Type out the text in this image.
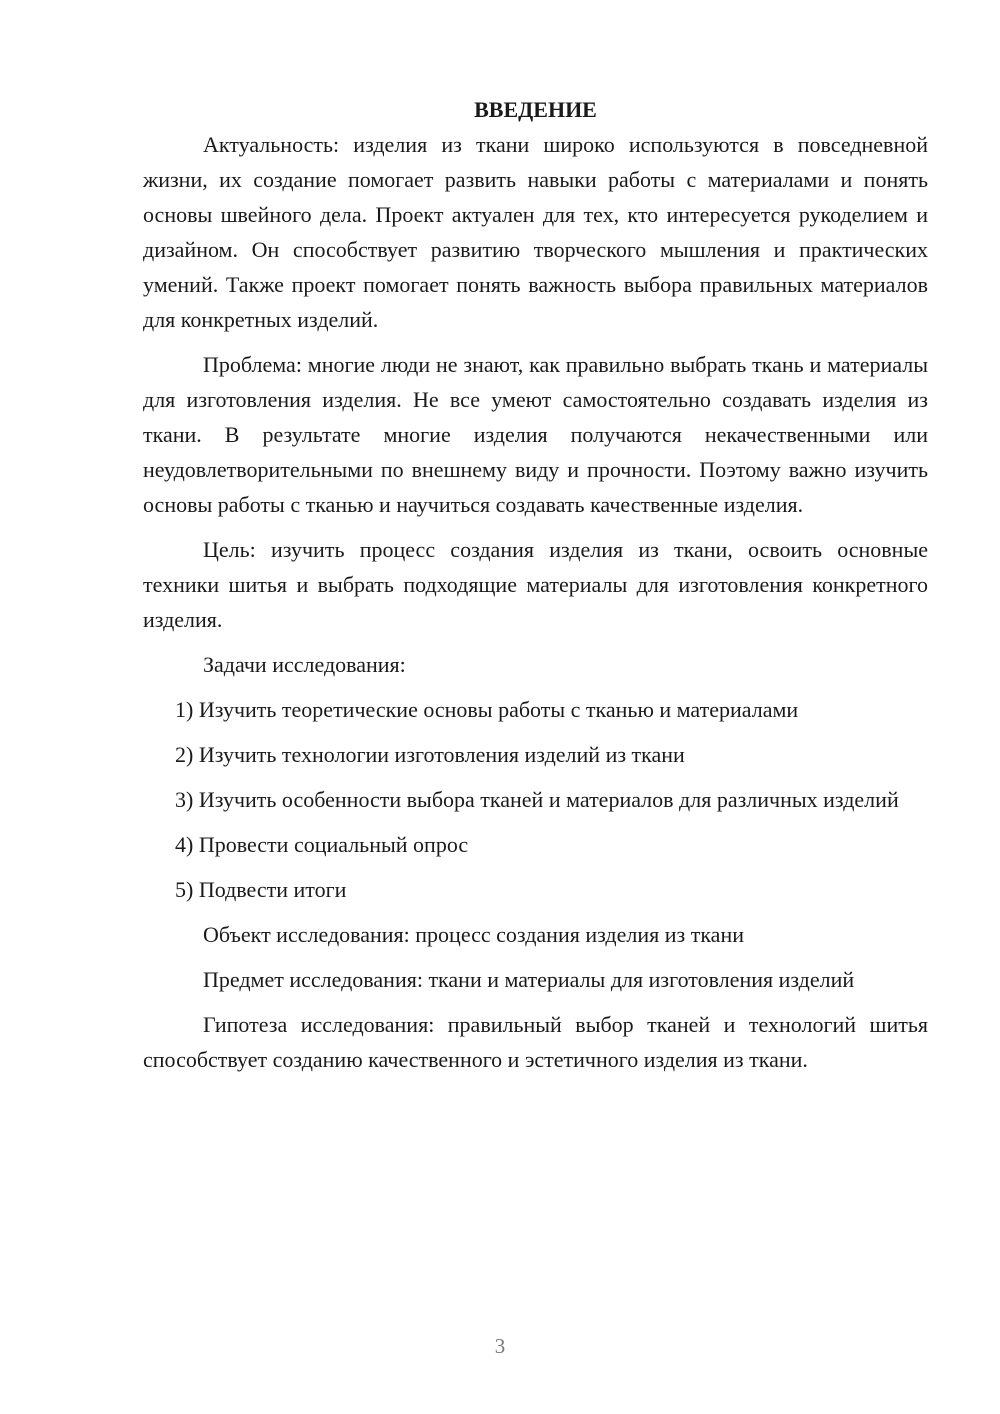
ВВЕДЕНИЕ

Актуальность: изделия из ткани широко используются в повседневной жизни, их создание помогает развить навыки работы с материалами и понять основы швейного дела. Проект актуален для тех, кто интересуется рукоделием и дизайном. Он способствует развитию творческого мышления и практических умений. Также проект помогает понять важность выбора правильных материалов для конкретных изделий.

Проблема: многие люди не знают, как правильно выбрать ткань и материалы для изготовления изделия. Не все умеют самостоятельно создавать изделия из ткани. В результате многие изделия получаются некачественными или неудовлетворительными по внешнему виду и прочности. Поэтому важно изучить основы работы с тканью и научиться создавать качественные изделия.

Цель: изучить процесс создания изделия из ткани, освоить основные техники шитья и выбрать подходящие материалы для изготовления конкретного изделия.

Задачи исследования:

1) Изучить теоретические основы работы с тканью и материалами

2) Изучить технологии изготовления изделий из ткани

3) Изучить особенности выбора тканей и материалов для различных изделий

4) Провести социальный опрос

5) Подвести итоги

Объект исследования: процесс создания изделия из ткани

Предмет исследования: ткани и материалы для изготовления изделий

Гипотеза исследования: правильный выбор тканей и технологий шитья способствует созданию качественного и эстетичного изделия из ткани.

3
